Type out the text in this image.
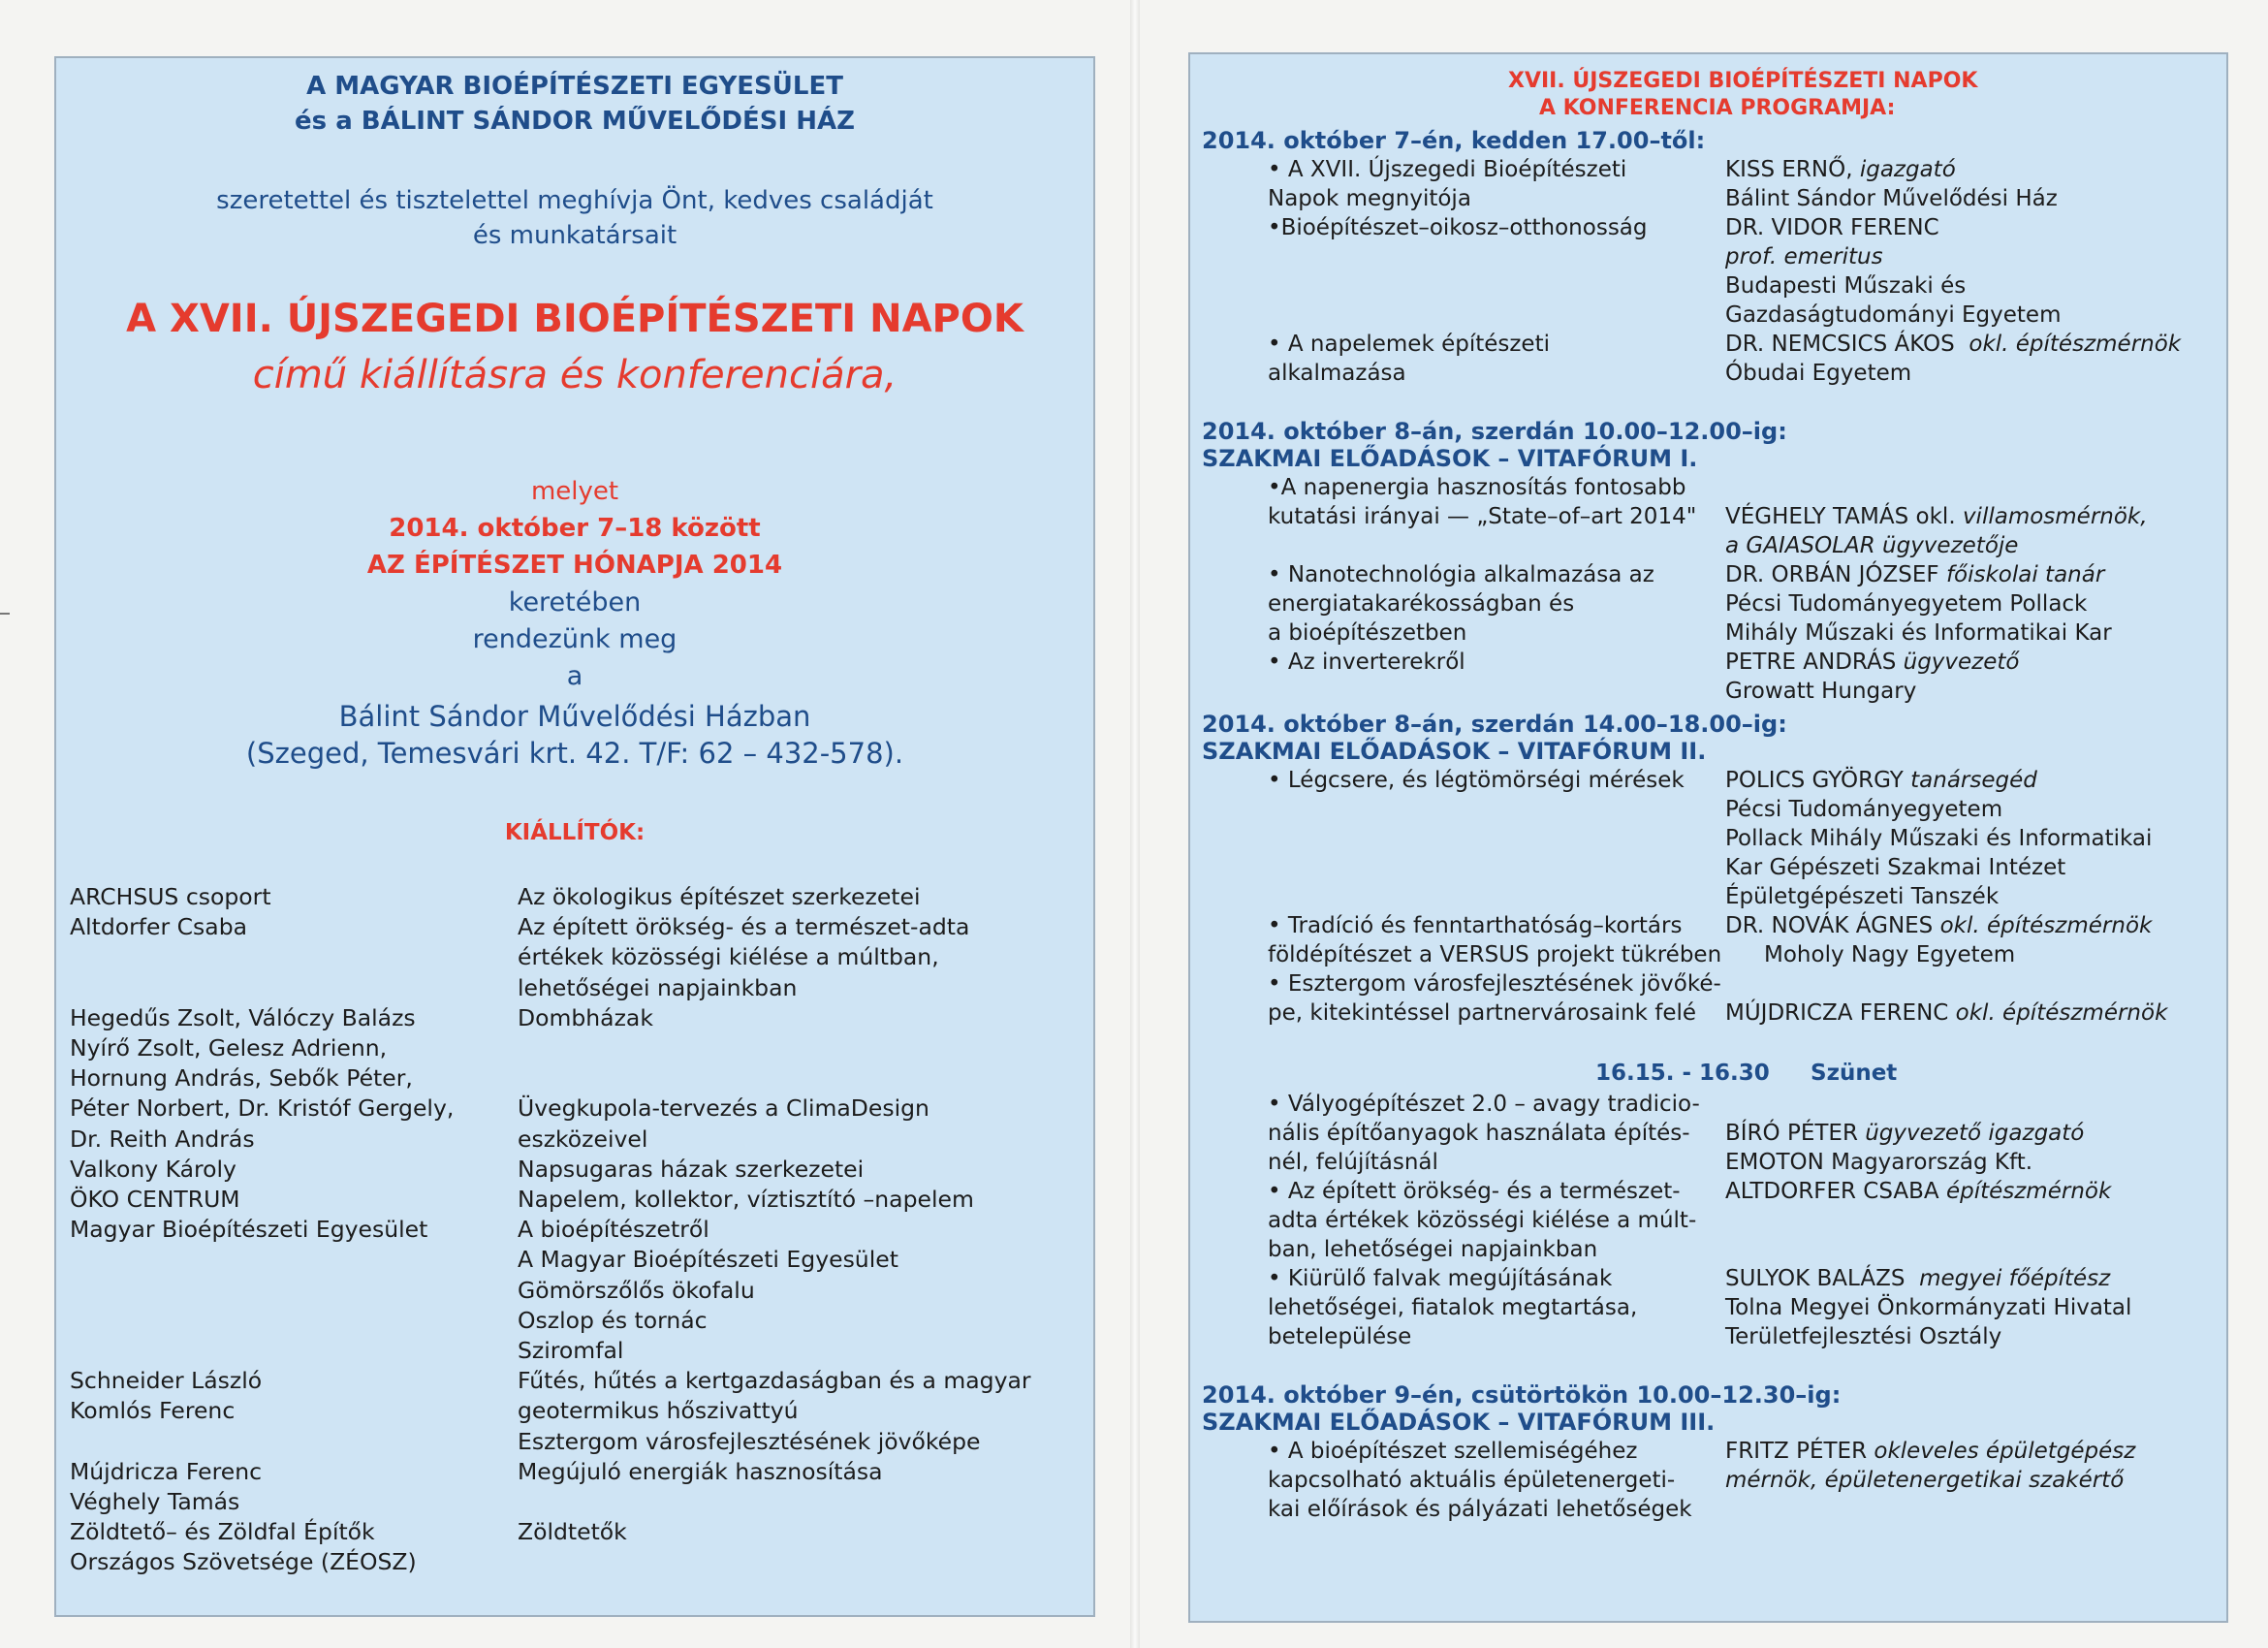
A MAGYAR BIOÉPÍTÉSZETI EGYESÜLET
és a BÁLINT SÁNDOR MŰVELŐDÉSI HÁZ
szeretettel és tisztelettel meghívja Önt, kedves családját
és munkatársait
A XVII. ÚJSZEGEDI BIOÉPÍTÉSZETI NAPOK
című kiállításra és konferenciára,
melyet
2014. október 7–18 között
AZ ÉPÍTÉSZET HÓNAPJA 2014
keretében
rendezünk meg
a
Bálint Sándor Művelődési Házban
(Szeged, Temesvári krt. 42. T/F: 62 – 432-578).
KIÁLLÍTÓK:
ARCHSUS csoport
Altdorfer Csaba

Hegedűs Zsolt, Válóczy Balázs
Nyírő Zsolt, Gelesz Adrienn,
Hornung András, Sebők Péter,
Péter Norbert, Dr. Kristóf Gergely,
Dr. Reith András
Valkony Károly
ÖKO CENTRUM
Magyar Bioépítészeti Egyesület

Schneider László
Komlós Ferenc

Mújdricza Ferenc
Véghely Tamás
Zöldtető– és Zöldfal Építők
Országos Szövetsége (ZÉOSZ)
Az ökologikus építészet szerkezetei
Az épített örökség- és a természet-adta
értékek közösségi kiélése a múltban,
lehetőségei napjainkban
Dombházak

Üvegkupola-tervezés a ClimaDesign
eszközeivel
Napsugaras házak szerkezetei
Napelem, kollektor, víztisztító –napelem
A bioépítészetről
A Magyar Bioépítészeti Egyesület
Gömörszőlős ökofalu
Oszlop és tornác
Sziromfal
Fűtés, hűtés a kertgazdaságban és a magyar
geotermikus hőszivattyú
Esztergom városfejlesztésének jövőképe
Megújuló energiák hasznosítása

Zöldtetők
XVII. ÚJSZEGEDI BIOÉPÍTÉSZETI NAPOK
A KONFERENCIA PROGRAMJA:
2014. október 7–én, kedden 17.00–től:
• A XVII. Újszegedi Bioépítészeti
Napok megnyitója
•Bioépítészet–oikosz–otthonosság

• A napelemek építészeti
alkalmazása
KISS ERNŐ, igazgató
Bálint Sándor Művelődési Ház
DR. VIDOR FERENC
prof. emeritus
Budapesti Műszaki és
Gazdaságtudományi Egyetem
DR. NEMCSICS ÁKOS okl. építészmérnök
Óbudai Egyetem
2014. október 8–án, szerdán 10.00–12.00–ig:
SZAKMAI ELŐADÁSOK – VITAFÓRUM I.
•A napenergia hasznosítás fontosabb
kutatási irányai — „State–of–art 2014"

• Nanotechnológia alkalmazása az
energiatakarékosságban és
a bioépítészetben
• Az inverterekről
VÉGHELY TAMÁS okl. villamosmérnök,
a GAIASOLAR ügyvezetője
DR. ORBÁN JÓZSEF főiskolai tanár
Pécsi Tudományegyetem Pollack
Mihály Műszaki és Informatikai Kar
PETRE ANDRÁS ügyvezető
Growatt Hungary
2014. október 8–án, szerdán 14.00–18.00–ig:
SZAKMAI ELŐADÁSOK – VITAFÓRUM II.
• Légcsere, és légtömörségi mérések POLICS GYÖRGY tanársegéd
Pécsi Tudományegyetem
Pollack Mihály Műszaki és Informatikai
Kar Gépészeti Szakmai Intézet
Épületgépészeti Tanszék
• Tradíció és fenntarthatóság–kortárs
földépítészet a VERSUS projekt tükrében
• Esztergom városfejlesztésének jövőké-
pe, kitekintéssel partnervárosaink felé
DR. NOVÁK ÁGNES okl. építészmérnök
Moholy Nagy Egyetem

MÚJDRICZA FERENC okl. építészmérnök
16.15. - 16.30 Szünet
• Vályogépítészet 2.0 – avagy tradicio-
nális építőanyagok használata építés-
nél, felújításnál
• Az épített örökség- és a természet-
adta értékek közösségi kiélése a múlt-
ban, lehetőségei napjainkban
• Kiürülő falvak megújításának
lehetőségei, fiatalok megtartása,
betelepülése
BÍRÓ PÉTER ügyvezető igazgató
EMOTON Magyarország Kft.
ALTDORFER CSABA építészmérnök
SULYOK BALÁZS megyei főépítész
Tolna Megyei Önkormányzati Hivatal
Területfejlesztési Osztály
2014. október 9–én, csütörtökön 10.00–12.30–ig:
SZAKMAI ELŐADÁSOK – VITAFÓRUM III.
• A bioépítészet szellemiségéhez
kapcsolható aktuális épületenergeti-
kai előírások és pályázati lehetőségek
FRITZ PÉTER okleveles épületgépész
mérnök, épületenergetikai szakértő
